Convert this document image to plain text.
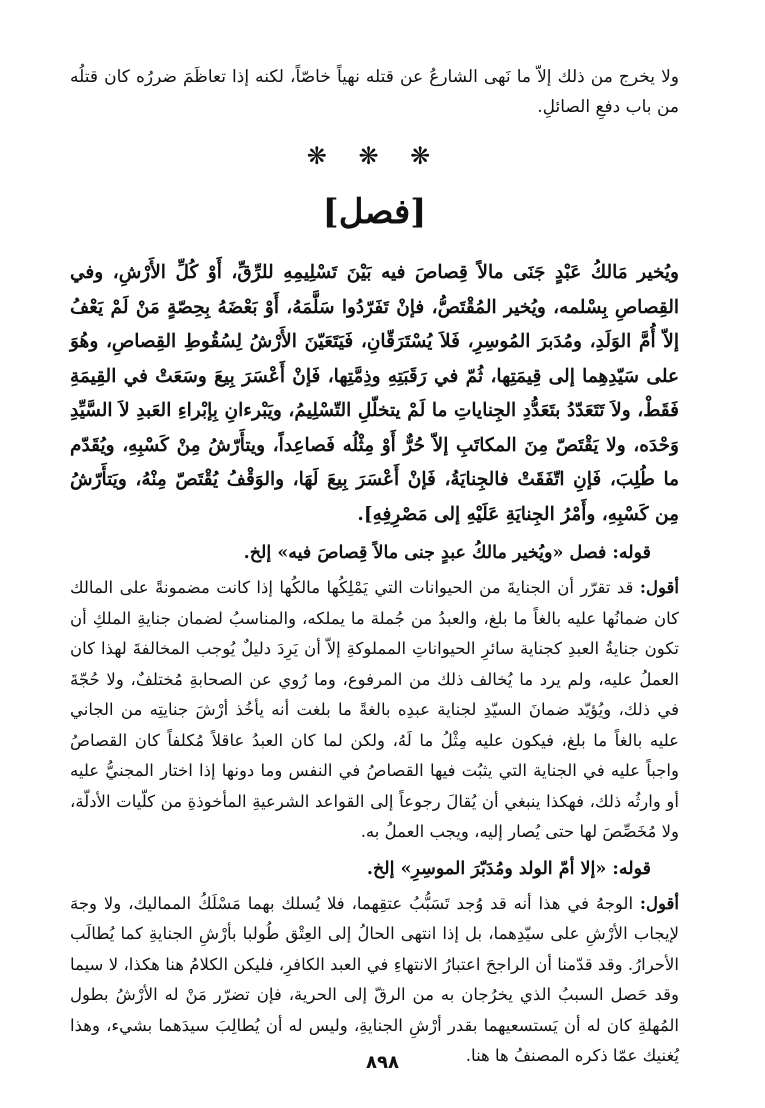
ولا يخرج من ذلك إلاّ ما نَهى الشارعُ عن قتله نهياً خاصّاً، لكنه إذا تعاظَمَ ضررُه كان قتلُه من باب دفعِ الصائلِ.

❋ ❋ ❋
[فصل]

ويُخير مَالكُ عَبْدٍ جَنَى مالاً قِصاصَ فيه بَيْنَ تَسْلِيمِهِ للرِّقِّ، أَوْ كُلِّ الأَرْشِ، وفي القِصاصِ بِسْلمه، ويُخير المُقْتَصُّ، فإنْ تَفَرّدُوا سَلَّمَهُ، أَوْ بَعْضَهُ بِحِصّةٍ مَنْ لَمْ يَعْفُ إلاّ أُمَّ الوَلَدِ، ومُدَبرَ المُوسِرِ، فَلاَ يُسْتَرَقّانِ، فَيَتَعَيّنَ الأَرْشُ لِسُقُوطِ القِصاصِ، وهُوَ على سَيّدِهِما إلى قِيمَتِها، ثُمّ في رَقَبَتِهِ وذِمَّتِها، فَإنْ أَعْسَرَ بِيعَ وسَعَتْ في القِيمَةِ فَقَطْ، ولاَ تَتَعَدّدُ بتَعَدُّدِ الجِناياتِ ما لَمْ يتخلّلِ التّسْلِيمُ، ويَبْرءانِ بِإبْراءِ العَبدِ لاَ السَّيِّدِ وَحْدَه، ولا يَقْتَصّ مِنَ المكاتَبِ إلاّ حُرٌّ أَوْ مِثْلُه فَصاعِداً، ويتأَرّشُ مِنْ كَسْبِهِ، ويُقَدّم ما طُلِبَ، فَإنِ اتّفَقَتْ فالجِنايَةُ، فَإنْ أَعْسَرَ بِيعَ لَهَا، والوَقْفُ يُقْتَصّ مِنْهُ، ويَتأَرّشُ مِن كَسْبِهِ، وأَمْرُ الجِنايَةِ عَلَيْهِ إلى مَصْرِفِهِ].

قوله: فصل «ويُخير مالكُ عبدٍ جنى مالاً قِصاصَ فيه» إلخ.

أقول: قد تقرّر أن الجنايةَ من الحيوانات التي يَمْلِكُها مالكُها إذا كانت مضمونةً على المالك كان ضمانُها عليه بالغاً ما بلغ، والعبدُ من جُملة ما يملكه، والمناسبُ لضمان جنايةِ الملكِ أن تكون جنايةُ العبدِ كجناية سائرِ الحيواناتِ المملوكةِ إلاّ أن يَرِدَ دليلٌ يُوجب المخالفةَ لهذا كان العملُ عليه، ولم يرد ما يُخالف ذلك من المرفوع، وما رُوي عن الصحابةِ مُختلفٌ، ولا حُجّةَ في ذلك، ويُؤيّد ضمانَ السيّدِ لجناية عبدِه بالغةً ما بلغت أنه يأخُذ أرْشَ جنايتِه من الجاني عليه بالغاً ما بلغ، فيكون عليه مِثْلُ ما لَهُ، ولكن لما كان العبدُ عاقلاً مُكلفاً كان القصاصُ واجباً عليه في الجناية التي يثبُت فيها القصاصُ في النفس وما دونها إذا اختار المجنيُّ عليه أو وارثُه ذلك، فهكذا ينبغي أن يُقالَ رجوعاً إلى القواعد الشرعيةِ المأخوذةِ من كلّيات الأدلّة، ولا مُخَصِّصَ لها حتى يُصار إليه، ويجب العملُ به.

قوله: «إلا أمّ الولد ومُدَبّرَ الموسِرِ» إلخ.

أقول: الوجهُ في هذا أنه قد وُجد تَسَبُّبُ عتقِهما، فلا يُسلك بهما مَسْلَكُ المماليك، ولا وجهَ لإيجاب الأرْشِ على سيّدِهما، بل إذا انتهى الحالُ إلى العِتْق طُولبا بأرْشِ الجنايةِ كما يُطالَب الأحرارُ. وقد قدّمنا أن الراجحَ اعتبارُ الانتهاءِ في العبد الكافرِ، فليكن الكلامُ هنا هكذا، لا سيما وقد حَصل السببُ الذي يخرُجان به من الرقّ إلى الحرية، فإن تضرّر مَنْ له الأرْشُ بطول المُهلةِ كان له أن يَستسعيهما بقدر أرْشِ الجنايةِ، وليس له أن يُطالِبَ سيدَهما بشيء، وهذا يُغنيك عمّا ذكره المصنفُ ها هنا.

٨٩٨
